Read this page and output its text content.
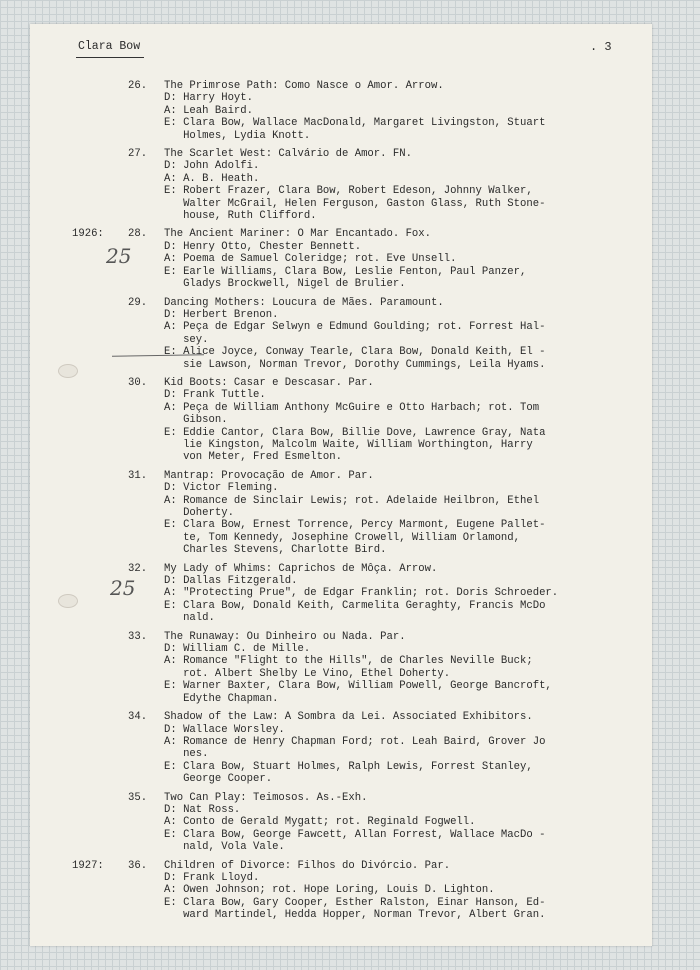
Clara Bow	. 3
25
25
26. The Primrose Path: Como Nasce o Amor. Arrow.
D: Harry Hoyt.
A: Leah Baird.
E: Clara Bow, Wallace MacDonald, Margaret Livingston, Stuart
Holmes, Lydia Knott.
27. The Scarlet West: Calvário de Amor. FN.
D: John Adolfi.
A: A. B. Heath.
E: Robert Frazer, Clara Bow, Robert Edeson, Johnny Walker,
Walter McGrail, Helen Ferguson, Gaston Glass, Ruth Stone-
house, Ruth Clifford.
1926: 28. The Ancient Mariner: O Mar Encantado. Fox.
D: Henry Otto, Chester Bennett.
A: Poema de Samuel Coleridge; rot. Eve Unsell.
E: Earle Williams, Clara Bow, Leslie Fenton, Paul Panzer,
Gladys Brockwell, Nigel de Brulier.
29. Dancing Mothers: Loucura de Mães. Paramount.
D: Herbert Brenon.
A: Peça de Edgar Selwyn e Edmund Goulding; rot. Forrest Hal-
sey.
E: Alice Joyce, Conway Tearle, Clara Bow, Donald Keith, El -
sie Lawson, Norman Trevor, Dorothy Cummings, Leila Hyams.
30. Kid Boots: Casar e Descasar. Par.
D: Frank Tuttle.
A: Peça de William Anthony McGuire e Otto Harbach; rot. Tom
Gibson.
E: Eddie Cantor, Clara Bow, Billie Dove, Lawrence Gray, Nata
lie Kingston, Malcolm Waite, William Worthington, Harry
von Meter, Fred Esmelton.
31. Mantrap: Provocação de Amor. Par.
D: Victor Fleming.
A: Romance de Sinclair Lewis; rot. Adelaide Heilbron, Ethel
Doherty.
E: Clara Bow, Ernest Torrence, Percy Marmont, Eugene Pallet-
te, Tom Kennedy, Josephine Crowell, William Orlamond,
Charles Stevens, Charlotte Bird.
32. My Lady of Whims: Caprichos de Môça. Arrow.
D: Dallas Fitzgerald.
A: "Protecting Prue", de Edgar Franklin; rot. Doris Schroeder.
E: Clara Bow, Donald Keith, Carmelita Geraghty, Francis McDo
nald.
33. The Runaway: Ou Dinheiro ou Nada. Par.
D: William C. de Mille.
A: Romance "Flight to the Hills", de Charles Neville Buck;
rot. Albert Shelby Le Vino, Ethel Doherty.
E: Warner Baxter, Clara Bow, William Powell, George Bancroft,
Edythe Chapman.
34. Shadow of the Law: A Sombra da Lei. Associated Exhibitors.
D: Wallace Worsley.
A: Romance de Henry Chapman Ford; rot. Leah Baird, Grover Jo
nes.
E: Clara Bow, Stuart Holmes, Ralph Lewis, Forrest Stanley,
George Cooper.
35. Two Can Play: Teimosos. As.-Exh.
D: Nat Ross.
A: Conto de Gerald Mygatt; rot. Reginald Fogwell.
E: Clara Bow, George Fawcett, Allan Forrest, Wallace MacDo -
nald, Vola Vale.
1927: 36. Children of Divorce: Filhos do Divórcio. Par.
D: Frank Lloyd.
A: Owen Johnson; rot. Hope Loring, Louis D. Lighton.
E: Clara Bow, Gary Cooper, Esther Ralston, Einar Hanson, Ed-
ward Martindel, Hedda Hopper, Norman Trevor, Albert Gran.
